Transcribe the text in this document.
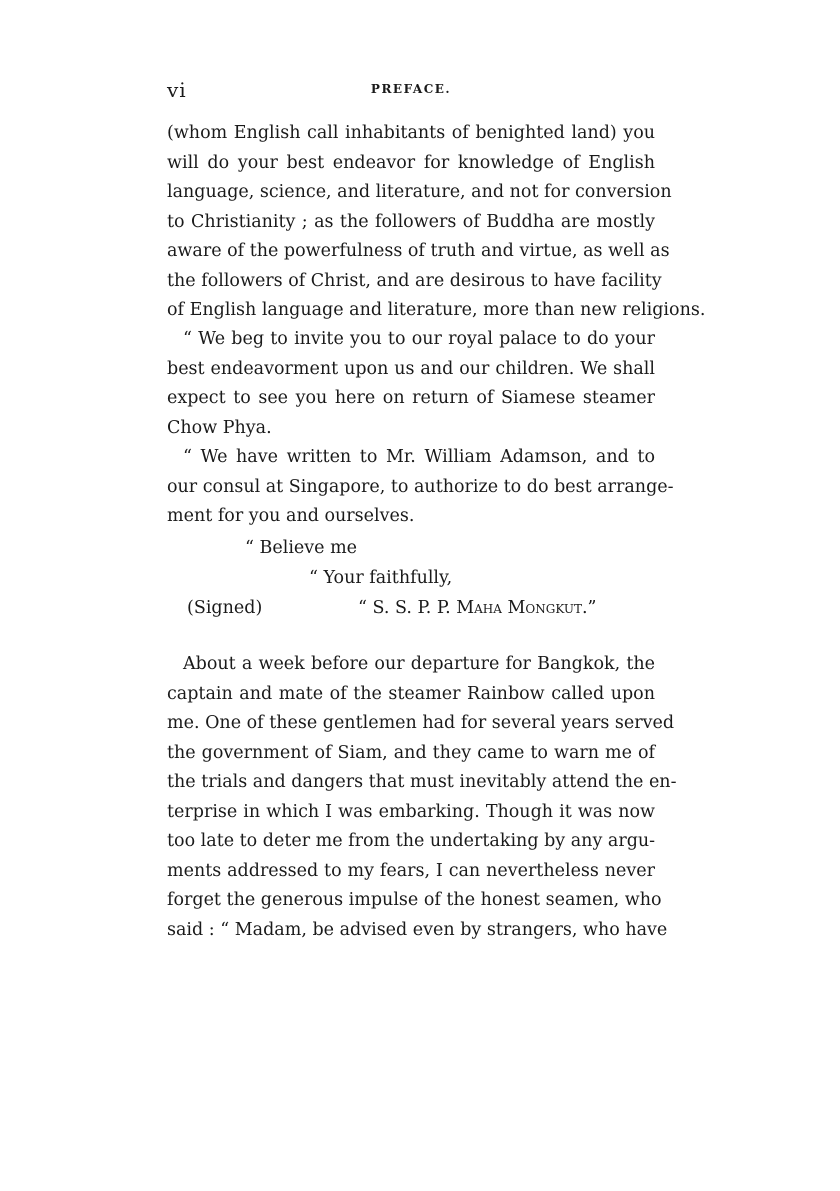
vi	PREFACE.
(whom English call inhabitants of benighted land) you
will do your best endeavor for knowledge of English
language, science, and literature, and not for conversion
to Christianity ; as the followers of Buddha are mostly
aware of the powerfulness of truth and virtue, as well as
the followers of Christ, and are desirous to have facility
of English language and literature, more than new religions.
“ We beg to invite you to our royal palace to do your
best endeavorment upon us and our children. We shall
expect to see you here on return of Siamese steamer
Chow Phya.
“ We have written to Mr. William Adamson, and to
our consul at Singapore, to authorize to do best arrange-
ment for you and ourselves.
“ Believe me
“ Your faithfully,
(Signed)	“ S. S. P. P. Maha Mongkut.”
About a week before our departure for Bangkok, the
captain and mate of the steamer Rainbow called upon
me. One of these gentlemen had for several years served
the government of Siam, and they came to warn me of
the trials and dangers that must inevitably attend the en-
terprise in which I was embarking. Though it was now
too late to deter me from the undertaking by any argu-
ments addressed to my fears, I can nevertheless never
forget the generous impulse of the honest seamen, who
said : “ Madam, be advised even by strangers, who have
